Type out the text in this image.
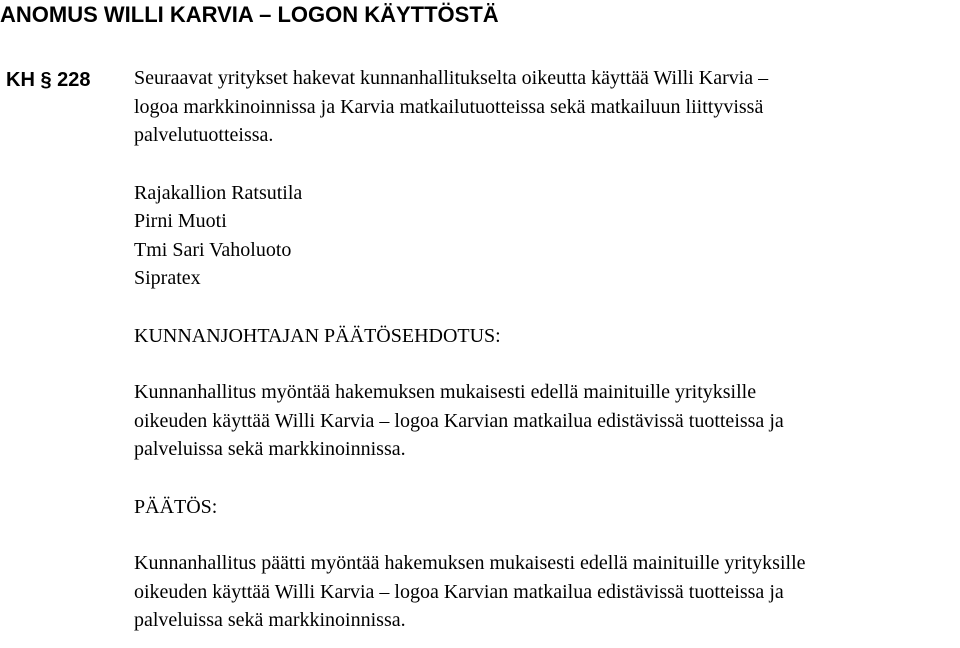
ANOMUS WILLI KARVIA – LOGON KÄYTTÖSTÄ
KH § 228 Seuraavat yritykset hakevat kunnanhallitukselta oikeutta käyttää Willi Karvia –
logoa markkinoinnissa ja Karvia matkailutuotteissa sekä matkailuun liittyvissä
palvelutuotteissa.

Rajakallion Ratsutila
Pirni Muoti
Tmi Sari Vaholuoto
Sipratex

KUNNANJOHTAJAN PÄÄTÖSEHDOTUS:

Kunnanhallitus myöntää hakemuksen mukaisesti edellä mainituille yrityksille
oikeuden käyttää Willi Karvia – logoa Karvian matkailua edistävissä tuotteissa ja
palveluissa sekä markkinoinnissa.

PÄÄTÖS:

Kunnanhallitus päätti myöntää hakemuksen mukaisesti edellä mainituille yrityksille
oikeuden käyttää Willi Karvia – logoa Karvian matkailua edistävissä tuotteissa ja
palveluissa sekä markkinoinnissa.
